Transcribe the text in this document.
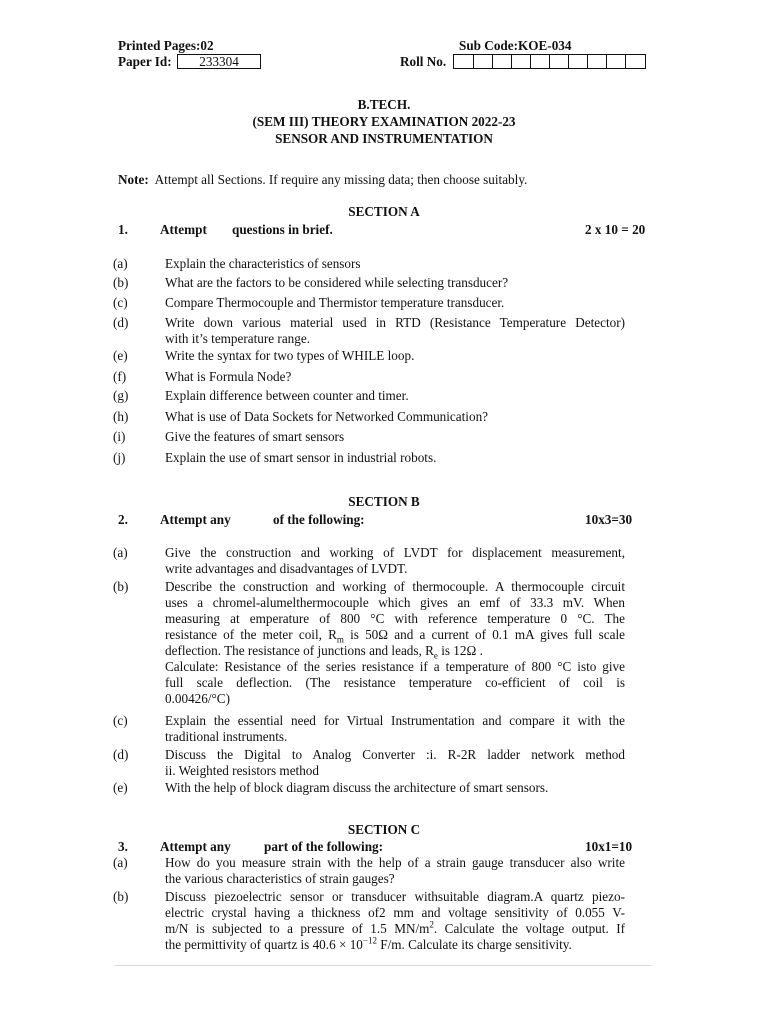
Printed Pages:02
Paper Id:	233304
Sub Code:KOE-034
Roll No.
B.TECH.
(SEM III) THEORY EXAMINATION 2022-23
SENSOR AND INSTRUMENTATION
Note: Attempt all Sections. If require any missing data; then choose suitably.
SECTION A
1. Attempt questions in brief.	2 x 10 = 20
(a)	Explain the characteristics of sensors
(b)	What are the factors to be considered while selecting transducer?
(c)	Compare Thermocouple and Thermistor temperature transducer.
(d)	Write down various material used in RTD (Resistance Temperature Detector)
with it’s temperature range.
(e)	Write the syntax for two types of WHILE loop.
(f)	What is Formula Node?
(g)	Explain difference between counter and timer.
(h)	What is use of Data Sockets for Networked Communication?
(i)	Give the features of smart sensors
(j)	Explain the use of smart sensor in industrial robots.
SECTION B
2. Attempt any	of the following:	10x3=30
(a)	Give the construction and working of LVDT for displacement measurement,
write advantages and disadvantages of LVDT.
(b)	Describe the construction and working of thermocouple. A thermocouple circuit
uses a chromel-alumelthermocouple which gives an emf of 33.3 mV. When
measuring at emperature of 800 °C with reference temperature 0 °C. The
resistance of the meter coil, $R_m$ is 50Ω and a current of 0.1 mA gives full scale
deflection. The resistance of junctions and leads, $R_e$ is 12Ω .
Calculate: Resistance of the series resistance if a temperature of 800 °C isto give
full scale deflection. (The resistance temperature co-efficient of coil is
0.00426/°C)
(c)	Explain the essential need for Virtual Instrumentation and compare it with the
traditional instruments.
(d)	Discuss the Digital to Analog Converter :i. R-2R ladder network method
ii. Weighted resistors method
(e)	With the help of block diagram discuss the architecture of smart sensors.
SECTION C
3. Attempt any	part of the following:	10x1=10
(a)	How do you measure strain with the help of a strain gauge transducer also write
the various characteristics of strain gauges?
(b)	Discuss piezoelectric sensor or transducer withsuitable diagram.A quartz piezo-
electric crystal having a thickness of2 mm and voltage sensitivity of 0.055 V-
m/N is subjected to a pressure of 1.5 $MN/m^2$. Calculate the voltage output. If
the permittivity of quartz is $40.6 \times 10^{-12}$ F/m. Calculate its charge sensitivity.
